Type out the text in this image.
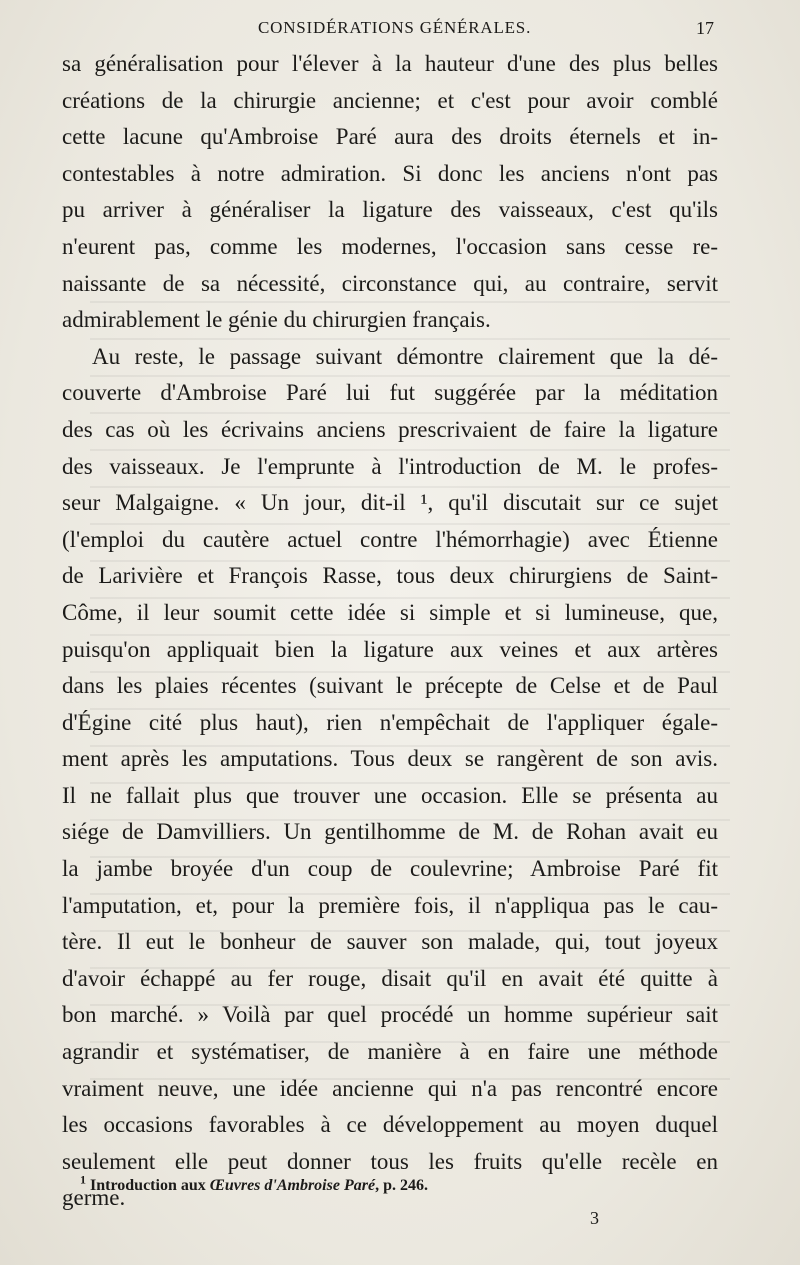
CONSIDÉRATIONS GÉNÉRALES.	17

sa généralisation pour l'élever à la hauteur d'une des plus belles
créations de la chirurgie ancienne; et c'est pour avoir comblé
cette lacune qu'Ambroise Paré aura des droits éternels et in-
contestables à notre admiration. Si donc les anciens n'ont pas
pu arriver à généraliser la ligature des vaisseaux, c'est qu'ils
n'eurent pas, comme les modernes, l'occasion sans cesse re-
naissante de sa nécessité, circonstance qui, au contraire, servit
admirablement le génie du chirurgien français.

Au reste, le passage suivant démontre clairement que la dé-
couverte d'Ambroise Paré lui fut suggérée par la méditation
des cas où les écrivains anciens prescrivaient de faire la ligature
des vaisseaux. Je l'emprunte à l'introduction de M. le profes-
seur Malgaigne. « Un jour, dit-il ¹, qu'il discutait sur ce sujet
(l'emploi du cautère actuel contre l'hémorrhagie) avec Étienne
de Larivière et François Rasse, tous deux chirurgiens de Saint-
Côme, il leur soumit cette idée si simple et si lumineuse, que,
puisqu'on appliquait bien la ligature aux veines et aux artères
dans les plaies récentes (suivant le précepte de Celse et de Paul
d'Égine cité plus haut), rien n'empêchait de l'appliquer égale-
ment après les amputations. Tous deux se rangèrent de son avis.
Il ne fallait plus que trouver une occasion. Elle se présenta au
siége de Damvilliers. Un gentilhomme de M. de Rohan avait eu
la jambe broyée d'un coup de coulevrine; Ambroise Paré fit
l'amputation, et, pour la première fois, il n'appliqua pas le cau-
tère. Il eut le bonheur de sauver son malade, qui, tout joyeux
d'avoir échappé au fer rouge, disait qu'il en avait été quitte à
bon marché. » Voilà par quel procédé un homme supérieur sait
agrandir et systématiser, de manière à en faire une méthode
vraiment neuve, une idée ancienne qui n'a pas rencontré encore
les occasions favorables à ce développement au moyen duquel
seulement elle peut donner tous les fruits qu'elle recèle en
germe.

$^1$ Introduction aux Œuvres d'Ambroise Paré, p. 246.
3
